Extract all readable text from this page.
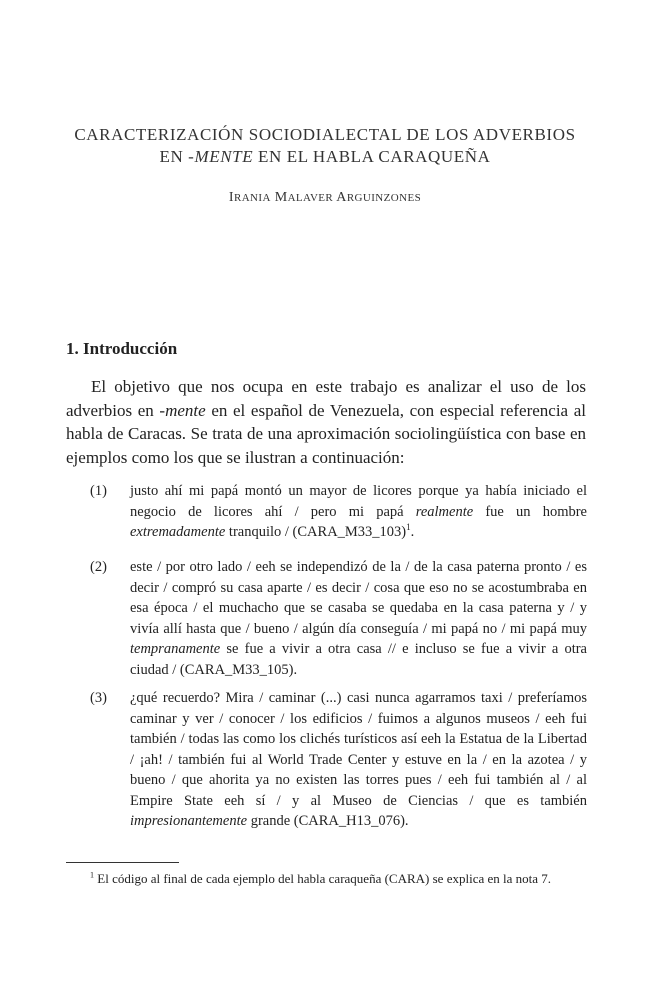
CARACTERIZACIÓN SOCIODIALECTAL DE LOS ADVERBIOS
EN -MENTE EN EL HABLA CARAQUEÑA
IRANIA MALAVER ARGUINZONES
1. Introducción

El objetivo que nos ocupa en este trabajo es analizar el uso de los adverbios en -mente en el español de Venezuela, con especial referencia al habla de Caracas. Se trata de una aproximación sociolingüística con base en ejemplos como los que se ilustran a continuación:

(1) justo ahí mi papá montó un mayor de licores porque ya había iniciado el negocio de licores ahí / pero mi papá realmente fue un hombre extremadamente tranquilo / (CARA_M33_103)$^1$.

(2) este / por otro lado / eeh se independizó de la / de la casa paterna pronto / es decir / compró su casa aparte / es decir / cosa que eso no se acostumbraba en esa época / el muchacho que se casaba se quedaba en la casa paterna y / y vivía allí hasta que / bueno / algún día conseguía / mi papá no / mi papá muy tempranamente se fue a vivir a otra casa // e incluso se fue a vivir a otra ciudad / (CARA_M33_105).

(3) ¿qué recuerdo? Mira / caminar (...) casi nunca agarramos taxi / preferíamos caminar y ver / conocer / los edificios / fuimos a algunos museos / eeh fui también / todas las como los clichés turísticos así eeh la Estatua de la Libertad / ¡ah! / también fui al World Trade Center y estuve en la / en la azotea / y bueno / que ahorita ya no existen las torres pues / eeh fui también al / al Empire State eeh sí / y al Museo de Ciencias / que es también impresionantemente grande (CARA_H13_076).

$^1$ El código al final de cada ejemplo del habla caraqueña (CARA) se explica en la nota 7.
